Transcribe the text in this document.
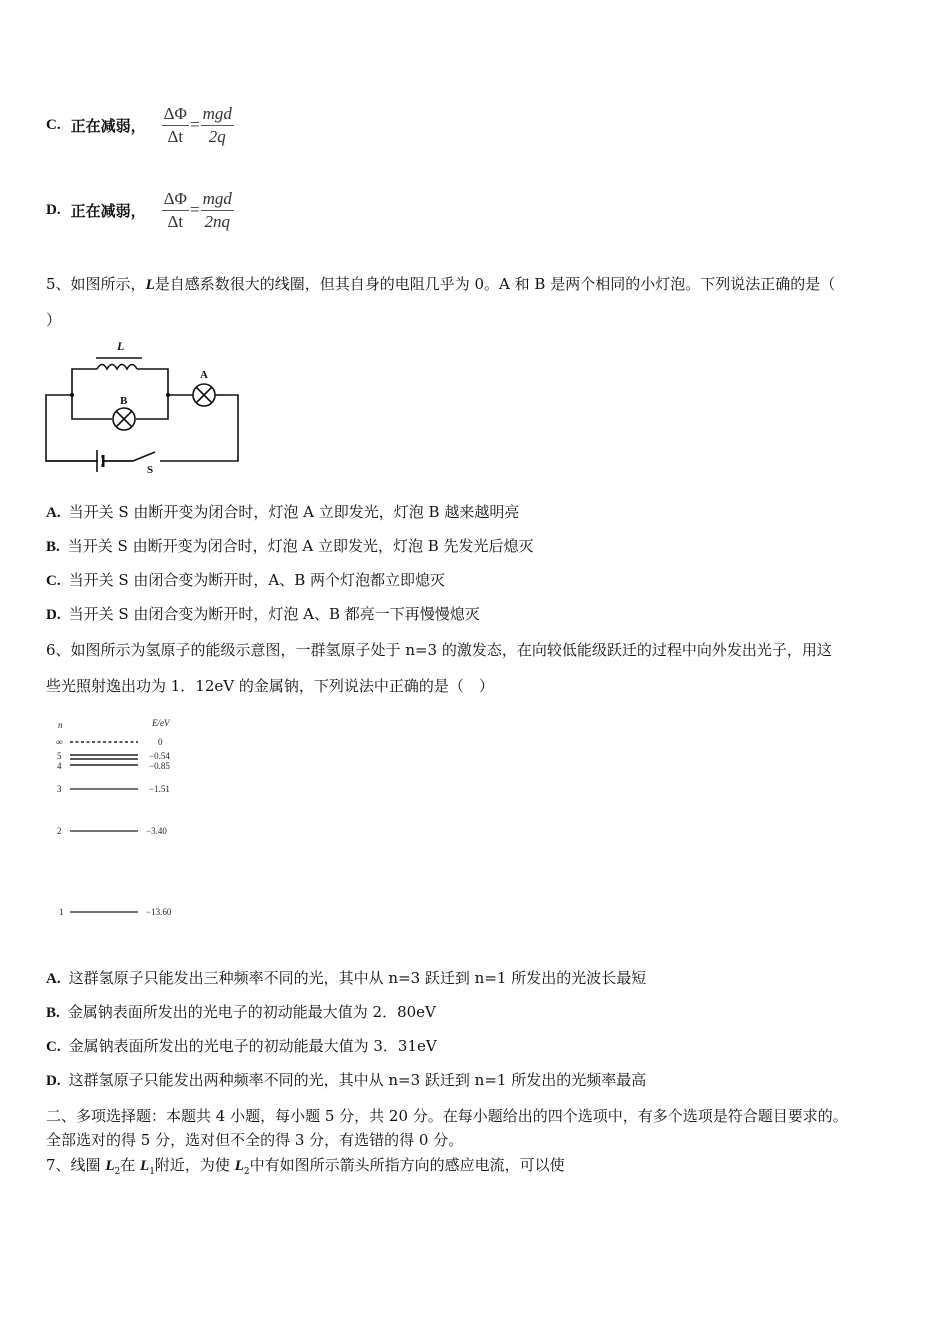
C. 正在减弱， $\frac{\Delta\Phi}{\Delta t} = \frac{\text{mgd}}{2q}$
D. 正在减弱， $\frac{\Delta\Phi}{\Delta t} = \frac{\text{mgd}}{2nq}$
5、如图所示，L是自感系数很大的线圈，但其自身的电阻几乎为 0。A 和 B 是两个相同的小灯泡。下列说法正确的是（
）
L
A
B
S
A. 当开关 S 由断开变为闭合时，灯泡 A 立即发光，灯泡 B 越来越明亮
B. 当开关 S 由断开变为闭合时，灯泡 A 立即发光，灯泡 B 先发光后熄灭
C. 当开关 S 由闭合变为断开时，A、B 两个灯泡都立即熄灭
D. 当开关 S 由闭合变为断开时，灯泡 A、B 都亮一下再慢慢熄灭
6、如图所示为氢原子的能级示意图，一群氢原子处于 n=3 的激发态，在向较低能级跃迁的过程中向外发出光子，用这
些光照射逸出功为 1．12eV 的金属钠，下列说法中正确的是（　）
n	E/eV
∞	0
5	−0.54
4	−0.85
3	−1.51
2	−3.40
1	−13.60
A. 这群氢原子只能发出三种频率不同的光，其中从 n=3 跃迁到 n=1 所发出的光波长最短
B. 金属钠表面所发出的光电子的初动能最大值为 2．80eV
C. 金属钠表面所发出的光电子的初动能最大值为 3．31eV
D. 这群氢原子只能发出两种频率不同的光，其中从 n=3 跃迁到 n=1 所发出的光频率最高
二、多项选择题：本题共 4 小题，每小题 5 分，共 20 分。在每小题给出的四个选项中，有多个选项是符合题目要求的。
全部选对的得 5 分，选对但不全的得 3 分，有选错的得 0 分。
7、线圈 $L_2$在 $L_1$附近，为使 $L_2$中有如图所示箭头所指方向的感应电流，可以使
